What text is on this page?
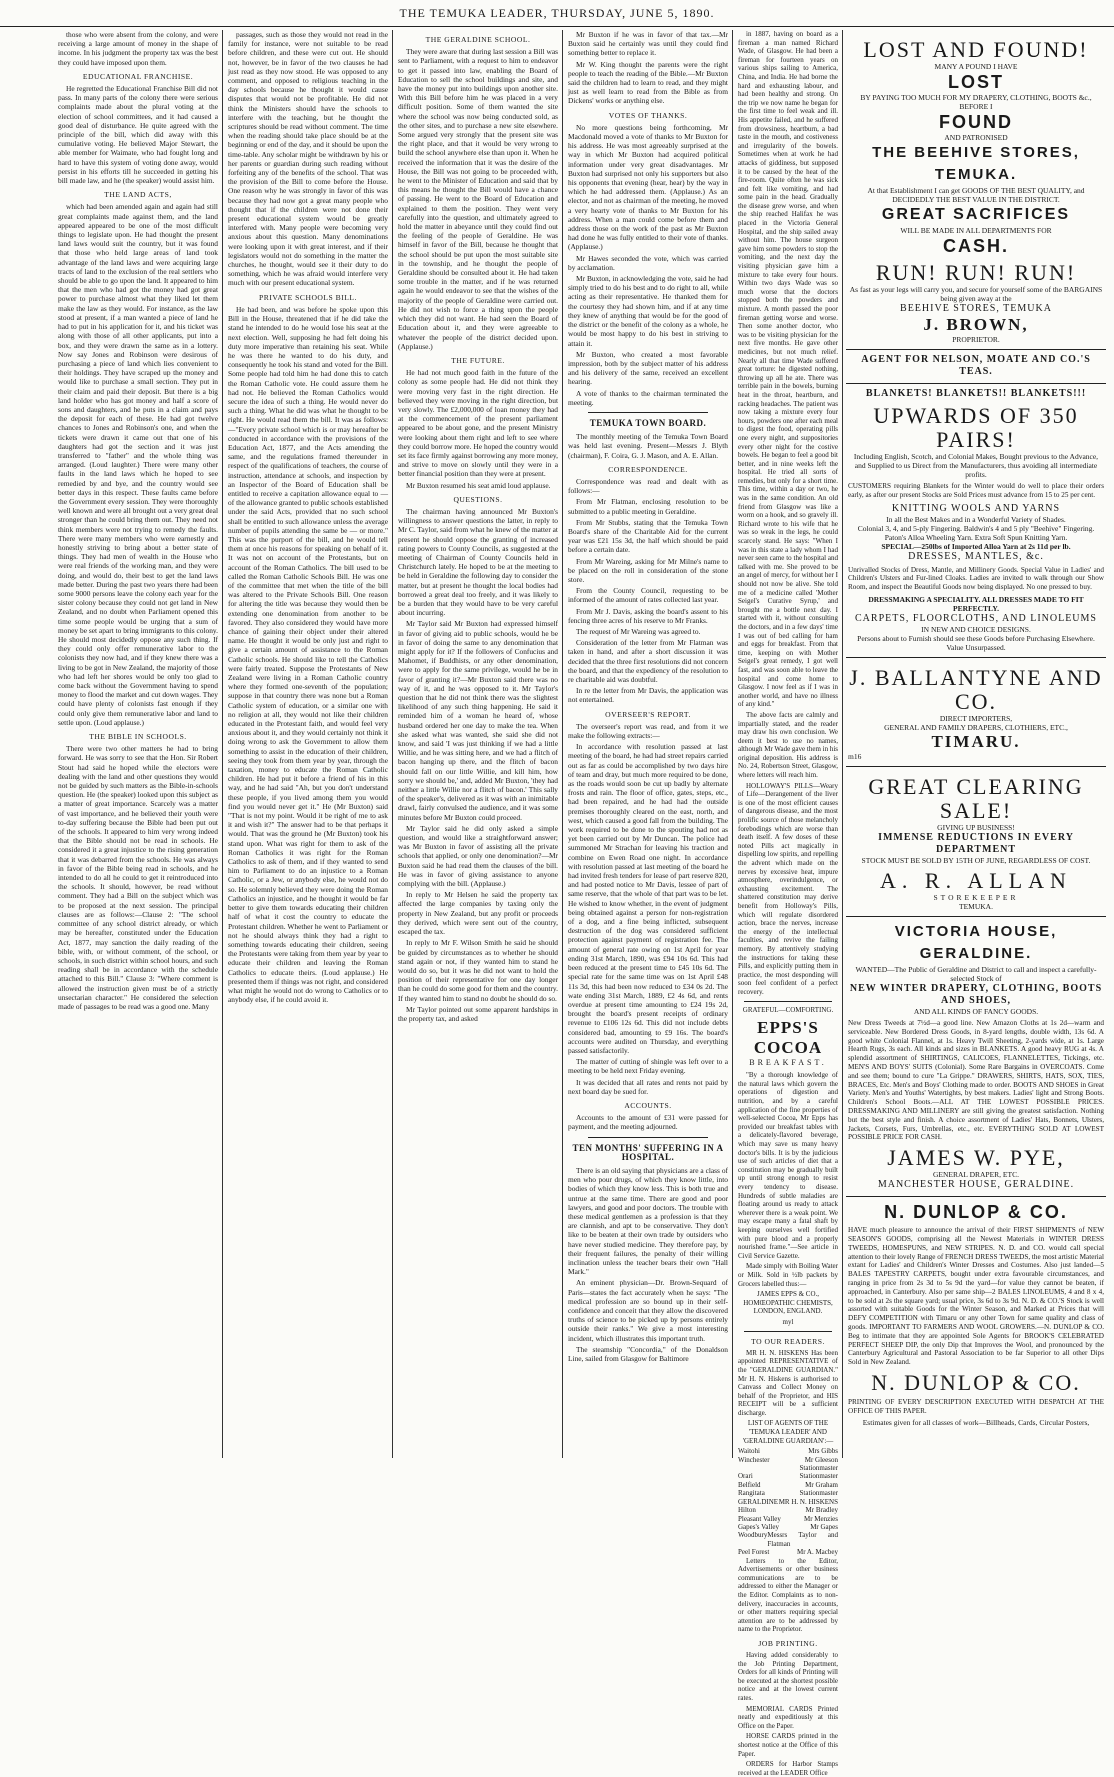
THE TEMUKA LEADER, THURSDAY, JUNE 5, 1890.

those who were absent from the colony, and were receiving a large amount of money in the shape of income. In his judgment the property tax was the best they could have imposed upon them.

EDUCATIONAL FRANCHISE.

He regretted the Educational Franchise Bill did not pass. In many parts of the colony there were serious complaints made about the plural voting at the election of school committees, and it had caused a good deal of disturbance. He quite agreed with the principle of the bill, which did away with this cumulative voting. He believed Major Stewart, the able member for Waimate, who had fought long and hard to have this system of voting done away, would persist in his efforts till he succeeded in getting his bill made law, and he (the speaker) would assist him.

THE LAND ACTS,

which had been amended again and again had still great complaints made against them, and the land appeared appeared to be one of the most difficult things to legislate upon. He had thought the present land laws would suit the country, but it was found that those who held large areas of land took advantage of the land laws and were acquiring large tracts of land to the exclusion of the real settlers who should be able to go upon the land. It appeared to him that the men who had got the money had got great power to purchase almost what they liked let them make the law as they would. For instance, as the law stood at present, if a man wanted a piece of land he had to put in his application for it, and his ticket was along with those of all other applicants, put into a box, and they were drawn the same as in a lottery. Now say Jones and Robinson were desirous of purchasing a piece of land which lies convenient to their holdings. They have scraped up the money and would like to purchase a small section. They put in their claim and paid their deposit. But there is a big land holder who has got money and half a score of sons and daughters, and he puts in a claim and pays the deposit for each of these. He had got twelve chances to Jones and Robinson's one, and when the tickets were drawn it came out that one of his daughters had got the section and it was just transferred to "father" and the whole thing was arranged. (Loud laughter.) There were many other faults in the land laws which he hoped to see remedied by and bye, and the country would see better days in this respect. These faults came before the Government every session. They were thoroughly well known and were all brought out a very great deal stronger than he could bring them out. They need not think members were not trying to remedy the faults. There were many members who were earnestly and honestly striving to bring about a better state of things. They had men of wealth in the House who were real friends of the working man, and they were doing, and would do, their best to get the land laws made better. During the past two years there had been some 9000 persons leave the colony each year for the sister colony because they could not get land in New Zealand, and no doubt when Parliament opened this time some people would be urging that a sum of money be set apart to bring immigrants to this colony. He should most decidedly oppose any such thing. If they could only offer remunerative labor to the colonists they now had, and if they knew there was a living to be got in New Zealand, the majority of those who had left her shores would be only too glad to come back without the Government having to spend money to flood the market and cut down wages. They could have plenty of colonists fast enough if they could only give them remunerative labor and land to settle upon. (Loud applause.)

THE BIBLE IN SCHOOLS.

There were two other matters he had to bring forward. He was sorry to see that the Hon. Sir Robert Stout had said he hoped while the electors were dealing with the land and other questions they would not be guided by such matters as the Bible-in-schools question. He (the speaker) looked upon this subject as a matter of great importance. Scarcely was a matter of vast importance, and he believed their youth were to-day suffering because the Bible had been put out of the schools. It appeared to him very wrong indeed that the Bible should not be read in schools. He considered it a great injustice to the rising generation that it was debarred from the schools. He was always in favor of the Bible being read in schools, and he intended to do all he could to get it reintroduced into the schools. It should, however, be read without comment. They had a Bill on the subject which was to be proposed at the next session. The principal clauses are as follows:—Clause 2: "The school committee of any school district already, or which may be hereafter, constituted under the Education Act, 1877, may sanction the daily reading of the bible, with, or without comment, of the school, or schools, in such district within school hours, and such reading shall be in accordance with the schedule attached to this Bill." Clause 3: "Where comment is allowed the instruction given must be of a strictly unsectarian character." He considered the selection made of passages to be read was a good one. Many

passages, such as those they would not read in the family for instance, were not suitable to be read before children, and these were cut out. He should not, however, be in favor of the two clauses he had just read as they now stood. He was opposed to any comment, and opposed to religious teaching in the day schools because he thought it would cause disputes that would not be profitable. He did not think the Ministers should have the schools to interfere with the teaching, but he thought the scriptures should be read without comment. The time when the reading should take place should be at the beginning or end of the day, and it should be upon the time-table. Any scholar might be withdrawn by his or her parents or guardian during such reading without forfeiting any of the benefits of the school. That was the provision of the Bill to come before the House. One reason why he was strongly in favor of this was because they had now got a great many people who thought that if the children were not done their present educational system would be greatly interfered with. Many people were becoming very anxious about this question. Many denominations were looking upon it with great interest, and if their legislators would not do something in the matter the churches, he thought, would see it their duty to do something, which he was afraid would interfere very much with our present educational system.

PRIVATE SCHOOLS BILL.

He had been, and was before he spoke upon this Bill in the House, threatened that if he did take the stand he intended to do he would lose his seat at the next election. Well, supposing he had felt doing his duty more imperative than retaining his seat. While he was there he wanted to do his duty, and consequently he took his stand and voted for the Bill. Some people had told him he had done this to catch the Roman Catholic vote. He could assure them he had not. He believed the Roman Catholics would secure the idea of such a thing. He would never do such a thing. What he did was what he thought to be right. He would read them the bill. It was as follows:—"Every private school which is or may hereafter be conducted in accordance with the provisions of the Education Act, 1877, and the Acts amending the same, and the regulations framed thereunder in respect of the qualifications of teachers, the course of instruction, attendance at schools, and inspection by an Inspector of the Board of Education shall be entitled to receive a capitation allowance equal to — of the allowance granted to public schools established under the said Acts, provided that no such school shall be entitled to such allowance unless the average number of pupils attending the same be — or more." This was the purport of the bill, and he would tell them at once his reasons for speaking on behalf of it. It was not on account of the Protestants, but on account of the Roman Catholics. The bill used to be called the Roman Catholic Schools Bill. He was one of the committee that met when the title of the bill was altered to the Private Schools Bill. One reason for altering the title was because they would then be extending one denomination from another to be favored. They also considered they would have more chance of gaining their object under their altered name. He thought it would be only just and right to give a certain amount of assistance to the Roman Catholic schools. He should like to tell the Catholics were fairly treated. Suppose the Protestants of New Zealand were living in a Roman Catholic country where they formed one-seventh of the population; suppose in that country there was none but a Roman Catholic system of education, or a similar one with no religion at all, they would not like their children educated in the Protestant faith, and would feel very anxious about it, and they would certainly not think it doing wrong to ask the Government to allow them something to assist in the education of their children, seeing they took from them year by year, through the taxation, money to educate the Roman Catholic children. He had put it before a friend of his in this way, and he had said "Ah, but you don't understand these people, if you lived among them you would find you would never get it." He (Mr Buxton) said "That is not my point. Would it be right of me to ask it and wish it?" The answer had to be that perhaps it would. That was the ground he (Mr Buxton) took his stand upon. What was right for them to ask of the Roman Catholics it was right for the Roman Catholics to ask of them, and if they wanted to send him to Parliament to do an injustice to a Roman Catholic, or a Jew, or anybody else, he would not do so. He solemnly believed they were doing the Roman Catholics an injustice, and he thought it would be far better to give them towards educating their children half of what it cost the country to educate the Protestant children. Whether he went to Parliament or not he should always think they had a right to something towards educating their children, seeing the Protestants were taking from them year by year to educate their children and leaving the Roman Catholics to educate theirs. (Loud applause.) He presented them if things was not right, and considered what might he would not do wrong to Catholics or to anybody else, if he could avoid it.

THE GERALDINE SCHOOL.

They were aware that during last session a Bill was sent to Parliament, with a request to him to endeavor to get it passed into law, enabling the Board of Education to sell the school buildings and site, and have the money put into buildings upon another site. With this Bill before him he was placed in a very difficult position. Some of them wanted the site where the school was now being conducted sold, as the other sites, and to purchase a new site elsewhere. Some argued very strongly that the present site was the right place, and that it would be very wrong to build the school anywhere else than upon it. When he received the information that it was the desire of the House, the Bill was not going to be proceeded with, he went to the Minister of Education and said that by this means he thought the Bill would have a chance of passing. He went to the Board of Education and explained to them the position. They went very carefully into the question, and ultimately agreed to hold the matter in abeyance until they could find out the feeling of the people of Geraldine. He was himself in favor of the Bill, because he thought that the school should be put upon the most suitable site in the township, and he thought the people of Geraldine should be consulted about it. He had taken some trouble in the matter, and if he was returned again he would endeavor to see that the wishes of the majority of the people of Geraldine were carried out. He did not wish to force a thing upon the people which they did not want. He had seen the Board of Education about it, and they were agreeable to whatever the people of the district decided upon. (Applause.)

THE FUTURE.

He had not much good faith in the future of the colony as some people had. He did not think they were moving very fast in the right direction. He believed they were moving in the right direction, but very slowly. The £2,000,000 of loan money they had at the commencement of the present parliament appeared to be about gone, and the present Ministry were looking about them right and left to see where they could borrow more. He hoped the country would set its face firmly against borrowing any more money, and strive to move on slowly until they were in a better financial position than they were at present.

Mr Buxton resumed his seat amid loud applause.

QUESTIONS.

The chairman having announced Mr Buxton's willingness to answer questions the latter, in reply to Mr C. Taylor, said from what he knew of the matter at present he should oppose the granting of increased rating powers to County Councils, as suggested at the meeting of Chairman of County Councils held in Christchurch lately. He hoped to be at the meeting to be held in Geraldine the following day to consider the matter, but at present he thought the local bodies had borrowed a great deal too freely, and it was likely to be a burden that they would have to be very careful about incurring.

Mr Taylor said Mr Buxton had expressed himself in favor of giving aid to public schools, would he be in favor of doing the same to any denomination that might apply for it? If the followers of Confucius and Mahomet, if Buddhists, or any other denomination, were to apply for the same privilege, would he be in favor of granting it?—Mr Buxton said there was no way of it, and he was opposed to it. Mr Taylor's question that he did not think there was the slightest likelihood of any such thing happening. He said it reminded him of a woman he heard of, whose husband ordered her one day to make the tea. When she asked what was wanted, she said she did not know, and said 'I was just thinking if we had a little Willie, and he was sitting here, and we had a flitch of bacon hanging up there, and the flitch of bacon should fall on our little Willie, and kill him, how sorry we should be,' and, added Mr Buxton, 'they had neither a little Willie nor a flitch of bacon.' This sally of the speaker's, delivered as it was with an inimitable drawl, fairly convulsed the audience, and it was some minutes before Mr Buxton could proceed.

Mr Taylor said he did only asked a simple question, and would like a straightforward answer; was Mr Buxton in favor of assisting all the private schools that applied, or only one denomination?—Mr Buxton said he had read them the clauses of the bill. He was in favor of giving assistance to anyone complying with the bill. (Applause.)

In reply to Mr Helsen he said the property tax affected the large companies by taxing only the property in New Zealand, but any profit or proceeds they derived, which were sent out of the country, escaped the tax.

In reply to Mr F. Wilson Smith he said he should be guided by circumstances as to whether he should stand again or not, if they wanted him to stand he would do so, but it was he did not want to hold the position of their representative for one day longer than he could do some good for them and the country. If they wanted him to stand no doubt he should do so.

Mr Taylor pointed out some apparent hardships in the property tax, and asked

Mr Buxton if he was in favor of that tax.—Mr Buxton said he certainly was until they could find something better to replace it.

Mr W. King thought the parents were the right people to teach the reading of the Bible.—Mr Buxton said the children had to learn to read, and they might just as well learn to read from the Bible as from Dickens' works or anything else.

VOTES OF THANKS.

No more questions being forthcoming, Mr Macdonald moved a vote of thanks to Mr Buxton for his address. He was most agreeably surprised at the way in which Mr Buxton had acquired political information under very great disadvantages. Mr Buxton had surprised not only his supporters but also his opponents that evening (hear, hear) by the way in which he had addressed them. (Applause.) As an elector, and not as chairman of the meeting, he moved a very hearty vote of thanks to Mr Buxton for his address. When a man could come before them and address those on the work of the past as Mr Buxton had done he was fully entitled to their vote of thanks. (Applause.)

Mr Hawes seconded the vote, which was carried by acclamation.

Mr Buxton, in acknowledging the vote, said he had simply tried to do his best and to do right to all, while acting as their representative. He thanked them for the courtesy they had shown him, and if at any time they knew of anything that would be for the good of the district or the benefit of the colony as a whole, he would be most happy to do his best in striving to attain it.

Mr Buxton, who created a most favorable impression, both by the subject matter of his address and his delivery of the same, received an excellent hearing.

A vote of thanks to the chairman terminated the meeting.

TEMUKA TOWN BOARD.

The monthly meeting of the Temuka Town Board was held last evening. Present—Messrs J. Blyth (chairman), F. Coira, G. J. Mason, and A. E. Allan.

CORRESPONDENCE.

Correspondence was read and dealt with as follows:—

From Mr Flatman, enclosing resolution to be submitted to a public meeting in Geraldine.

From Mr Stubbs, stating that the Temuka Town Board's share of the Charitable Aid for the current year was £21 15s 3d, the half which should be paid before a certain date.

From Mr Wareing, asking for Mr Milne's name to be placed on the roll in consideration of the stone store.

From the County Council, requesting to be informed of the amount of rates collected last year.

From Mr J. Davis, asking the board's assent to his fencing three acres of his reserve to Mr Franks.

The request of Mr Wareing was agreed to.

Consideration of the letter from Mr Flatman was taken in hand, and after a short discussion it was decided that the three first resolutions did not concern the board, and that the expediency of the resolution to re charitable aid was doubtful.

In re the letter from Mr Davis, the application was not entertained.

OVERSEER'S REPORT.

The overseer's report was read, and from it we make the following extracts:—

In accordance with resolution passed at last meeting of the board, he had had street repairs carried out as far as could be accomplished by two days hire of team and dray, but much more required to be done, as the roads would soon be cut up badly by alternate frosts and rain. The floor of office, gates, steps, etc., had been repaired, and he had had the outside premises thoroughly cleared on the east, north, and west, which caused a good fall from the building. The work required to be done to the spouting had not as yet been carried out by Mr Duncan. The police had summoned Mr Strachan for leaving his traction and combine on Ewen Road one night. In accordance with resolution passed at last meeting of the board he had invited fresh tenders for lease of part reserve 820, and had posted notice to Mr Davis, lessee of part of same reserve, that the whole of that part was to be let. He wished to know whether, in the event of judgment being obtained against a person for non-registration of a dog, and a fine being inflicted, subsequent destruction of the dog was considered sufficient protection against payment of registration fee. The amount of general rate owing on 1st April for year ending 31st March, 1890, was £94 10s 6d. This had been reduced at the present time to £45 10s 6d. The special rate for the same time was on 1st April £48 11s 3d, this had been now reduced to £34 0s 2d. The wate ending 31st March, 1889, £2 4s 6d, and rents overdue at present time amounting to £24 19s 2d, brought the board's present receipts of ordinary revenue to £106 12s 6d. This did not include debts considered bad, amounting to £9 16s. The board's accounts were audited on Thursday, and everything passed satisfactorily.

The matter of cutting of shingle was left over to a meeting to be held next Friday evening.

It was decided that all rates and rents not paid by next board day be sued for.

ACCOUNTS.

Accounts to the amount of £31 were passed for payment, and the meeting adjourned.

TEN MONTHS' SUFFERING IN A HOSPITAL.

There is an old saying that physicians are a class of men who pour drugs, of which they know little, into bodies of which they know less. This is both true and untrue at the same time. There are good and poor lawyers, and good and poor doctors. The trouble with these medical gentlemen as a profession is that they are clannish, and apt to be conservative. They don't like to be beaten at their own trade by outsiders who have never studied medicine. They therefore pay, by their frequent failures, the penalty of their willing inclination unless the teacher bears their own "Hall Mark."

An eminent physician—Dr. Brown-Sequard of Paris—states the fact accurately when he says: "The medical profession are so bound up in their self-confidence and conceit that they allow the discovered truths of science to be picked up by persons entirely outside their ranks." We give a most interesting incident, which illustrates this important truth.

The steamship "Concordia," of the Donaldson Line, sailed from Glasgow for Baltimore

in 1887, having on board as a fireman a man named Richard Wade, of Glasgow. He had been a fireman for fourteen years on various ships sailing to America, China, and India. He had borne the hard and exhausting labour, and had been healthy and strong. On the trip we now name he began for the first time to feel weak and ill. His appetite failed, and he suffered from drowsiness, heartburn, a bad taste in the mouth, and costiveness and irregularity of the bowels. Sometimes when at work he had attacks of giddiness, but supposed it to be caused by the heat of the fire-room. Quite often he was sick and felt like vomiting, and had some pain in the head. Gradually the disease grew worse, and when the ship reached Halifax he was placed in the Victoria General Hospital, and the ship sailed away without him. The house surgeon gave him some powders to stop the vomiting, and the next day the visiting physician gave him a mixture to take every four hours. Within two days Wade was so much worse that the doctors stopped both the powders and mixture. A month passed the poor fireman getting worse and worse. Then some another doctor, who was to be visiting physician for the next five months. He gave other medicines, but not much relief. Nearly all that time Wade suffered great torture: he digested nothing, throwing up all he ate. There was terrible pain in the bowels, burning heat in the throat, heartburn, and racking headaches. The patient was now taking a mixture every four hours, powders one after each meal to digest the food, operating pills one every night, and suppositories every other night for the costive bowels. He began to feel a good bit better, and in nine weeks left the hospital. He tried all sorts of remedies, but only for a short time. This time, within a day or two, he was in the same condition. An old friend from Glasgow was like a worm on a hook, and so gravely ill. Richard wrote to his wife that he was so weak in the legs, he could scarcely stand. He says: "When I was in this state a lady whom I had never seen came to the hospital and talked with me. She proved to be an angel of mercy, for without her I should not now be alive. She told me of a medicine called 'Mother Seigel's Curative Syrup,' and brought me a bottle next day. I started with it, without consulting the doctors, and in a few days' time I was out of bed calling for ham and eggs for breakfast. From that time, keeping on with Mother Seigel's great remedy, I got well fast, and was soon able to leave the hospital and come home to Glasgow. I now feel as if I was in another world, and have no illness of any kind."

The above facts are calmly and impartially stated, and the reader may draw his own conclusion. We deem it best to use no names, although Mr Wade gave them in his original deposition. His address is No. 24, Robertson Street, Glasgow, where letters will reach him.

HOLLOWAY'S PILLS—Weary of Life—Derangement of the liver is one of the most efficient causes of dangerous disease, and the most prolific source of those melancholy forebodings which are worse than death itself. A few doses of these noted Pills act magically in dispelling low spirits, and repelling the advent which made on the nerves by excessive heat, impure atmosphere, overindulgence, or exhausting excitement. The shattered constitution may derive benefit from Holloway's Pills, which will regulate disordered action, brace the nerves, increase the energy of the intellectual faculties, and revive the failing memory. By attentively studying the instructions for taking these Pills, and explicitly putting them in practice, the most desponding will soon feel confident of a perfect recovery.

GRATEFUL—COMFORTING.

EPPS'S COCOA
BREAKFAST.

"By a thorough knowledge of the natural laws which govern the operations of digestion and nutrition, and by a careful application of the fine properties of well-selected Cocoa, Mr Epps has provided our breakfast tables with a delicately-flavored beverage, which may save us many heavy doctor's bills. It is by the judicious use of such articles of diet that a constitution may be gradually built up until strong enough to resist every tendency to disease. Hundreds of subtle maladies are floating around us ready to attack wherever there is a weak point. We may escape many a fatal shaft by keeping ourselves well fortified with pure blood and a properly nourished frame."—See article in Civil Service Gazette.

Made simply with Boiling Water or Milk. Sold in ½lb packets by Grocers labelled thus:—

JAMES EPPS & CO., HOMŒOPATHIC CHEMISTS, LONDON, ENGLAND.

myl

TO OUR READERS.

MR H. N. HISKENS Has been appointed REPRESENTATIVE of the "GERALDINE GUARDIAN." Mr H. N. Hiskens is authorised to Canvass and Collect Money on behalf of the Proprietor, and HIS RECEIPT will be a sufficient discharge.

LIST OF AGENTS OF THE 'TEMUKA LEADER' AND 'GERALDINE GUARDIAN':—

Waitohi	Mrs Gibbs
Winchester	Mr Gleeson
Stationmaster
Orari	Stationmaster
Belfield	Mr Graham
Rangitata	Stationmaster
GERALDINE MR H. N. HISKENS
Hilton	Mr Bradley
Pleasant Valley	Mr Menzies
Gapes's Valley	Mr Gapes
Woodbury Messrs Taylor and Flatman
Peel Forest	Mr A. Macbey

Letters to the Editor, Advertisements or other business communications are to be addressed to either the Manager or the Editor. Complaints as to non-delivery, inaccuracies in accounts, or other matters requiring special attention are to be addressed by name to the Proprietor.

JOB PRINTING.

Having added considerably to the Job Printing Department, Orders for all kinds of Printing will be executed at the shortest possible notice and at the lowest current rates.

MEMORIAL CARDS Printed neatly and expeditiously at this Office on the Paper.

HORSE CARDS printed in the shortest notice at the Office of this Paper.

ORDERS for Harbor Stamps received at the LEADER Office

LOST AND FOUND!
MANY A POUND I HAVE
LOST
BY PAYING TOO MUCH FOR MY DRAPERY, CLOTHING, BOOTS &c., BEFORE I
FOUND
AND PATRONISED
THE BEEHIVE STORES, TEMUKA.
At that Establishment I can get GOODS OF THE BEST QUALITY, and DECIDEDLY THE BEST VALUE IN THE DISTRICT.
GREAT SACRIFICES
WILL BE MADE IN ALL DEPARTMENTS FOR
CASH.
RUN! RUN! RUN!
As fast as your legs will carry you, and secure for yourself some of the BARGAINS being given away at the
BEEHIVE STORES, TEMUKA
J. BROWN,
PROPRIETOR.
AGENT FOR NELSON, MOATE AND CO.'S TEAS.
BLANKETS! BLANKETS!! BLANKETS!!!
UPWARDS OF 350 PAIRS!
Including English, Scotch, and Colonial Makes, Bought previous to the Advance, and Supplied to us Direct from the Manufacturers, thus avoiding all intermediate profits.
CUSTOMERS requiring Blankets for the Winter would do well to place their orders early, as after our present Stocks are Sold Prices must advance from 15 to 25 per cent.
KNITTING WOOLS AND YARNS
In all the Best Makes and in a Wonderful Variety of Shades.
Colonial 3, 4, and 5-ply Fingering. Baldwin's 4 and 5 ply "Beehive" Fingering. Paton's Alloa Wheeling Yarn. Extra Soft Spun Knitting Yarn.
SPECIAL—250lbs of Imported Alloa Yarn at 2s 11d per lb.
DRESSES, MANTLES, &c.
Unrivalled Stocks of Dress, Mantle, and Millinery Goods. Special Value in Ladies' and Children's Ulsters and Fur-lined Cloaks. Ladies are invited to walk through our Show Room, and inspect the Beautiful Goods now being displayed. No one pressed to buy.
DRESSMAKING A SPECIALITY. ALL DRESSES MADE TO FIT PERFECTLY.
CARPETS, FLOORCLOTHS, AND LINOLEUMS
IN NEW AND CHOICE DESIGNS.
Persons about to Furnish should see these Goods before Purchasing Elsewhere. Value Unsurpassed.
J. BALLANTYNE AND CO.
DIRECT IMPORTERS,
GENERAL AND FAMILY DRAPERS, CLOTHIERS, ETC.,
TIMARU.
m16
GREAT CLEARING SALE!
GIVING UP BUSINESS!
IMMENSE REDUCTIONS IN EVERY DEPARTMENT
STOCK MUST BE SOLD BY 15TH OF JUNE, REGARDLESS OF COST.
A. R. ALLAN
STOREKEEPER
TEMUKA.
VICTORIA HOUSE, GERALDINE.
WANTED—The Public of Geraldine and District to call and inspect a carefully-selected Stock of
NEW WINTER DRAPERY, CLOTHING, BOOTS AND SHOES,
AND ALL KINDS OF FANCY GOODS.
New Dress Tweeds at 7½d—a good line. New Amazon Cloths at 1s 2d—warm and serviceable. New Bordered Dress Goods, in 8-yard lengths, double width, 13s 6d. A good white Colonial Flannel, at 1s. Heavy Twill Sheeting, 2-yards wide, at 1s. Large Hearth Rugs, 3s each. All kinds and sizes in BLANKETS. A good heavy RUG at 4s. A splendid assortment of SHIRTINGS, CALICOES, FLANNELETTES, Tickings, etc. MEN'S AND BOYS' SUITS (Colonial). Some Rare Bargains in OVERCOATS. Come and see them; bound to cure "La Grippe." DRAWERS, SHIRTS, HATS, SOX, TIES, BRACES, Etc. Men's and Boys' Clothing made to order. BOOTS AND SHOES in Great Variety. Men's and Youths' Watertights, by best makers. Ladies' light and Strong Boots. Children's School Boots.—ALL AT THE LOWEST POSSIBLE PRICES. DRESSMAKING AND MILLINERY are still giving the greatest satisfaction. Nothing but the best style and finish. A choice assortment of Ladies' Hats, Bonnets, Ulsters, Jackets, Corsets, Furs, Umbrellas, etc., etc. EVERYTHING SOLD AT LOWEST POSSIBLE PRICE FOR CASH.
JAMES W. PYE,
GENERAL DRAPER, ETC.
MANCHESTER HOUSE, GERALDINE.
N. DUNLOP & CO.
HAVE much pleasure to announce the arrival of their FIRST SHIPMENTS of NEW SEASON'S GOODS, comprising all the Newest Materials in WINTER DRESS TWEEDS, HOMESPUNS, and NEW STRIPES. N. D. and CO. would call special attention to their lovely Range of FRENCH DRESS TWEEDS, the most artistic Material extant for Ladies' and Children's Winter Dresses and Costumes. Also just landed—5 BALES TAPESTRY CARPETS, bought under extra favourable circumstances, and ranging in price from 2s 3d to 5s 9d the yard—for value they cannot be beaten, if approached, in Canterbury. Also per same ship—2 BALES LINOLEUMS, 4 and 8 x 4, to be sold at 2s the square yard; usual price, 3s 6d to 3s 9d. N. D. & CO.'S Stock is well assorted with suitable Goods for the Winter Season, and Marked at Prices that will DEFY COMPETITION with Timaru or any other Town for same quality and class of goods. IMPORTANT TO FARMERS AND WOOL GROWERS.—N. DUNLOP & CO. Beg to intimate that they are appointed Sole Agents for BROOK'S CELEBRATED PERFECT SHEEP DIP, the only Dip that Improves the Wool, and pronounced by the Canterbury Agricultural and Pastoral Association to be far Superior to all other Dips Sold in New Zealand.
N. DUNLOP & CO.
PRINTING OF EVERY DESCRIPTION EXECUTED WITH DESPATCH AT THE OFFICE OF THIS PAPER.
Estimates given for all classes of work—Billheads, Cards, Circular Posters,
